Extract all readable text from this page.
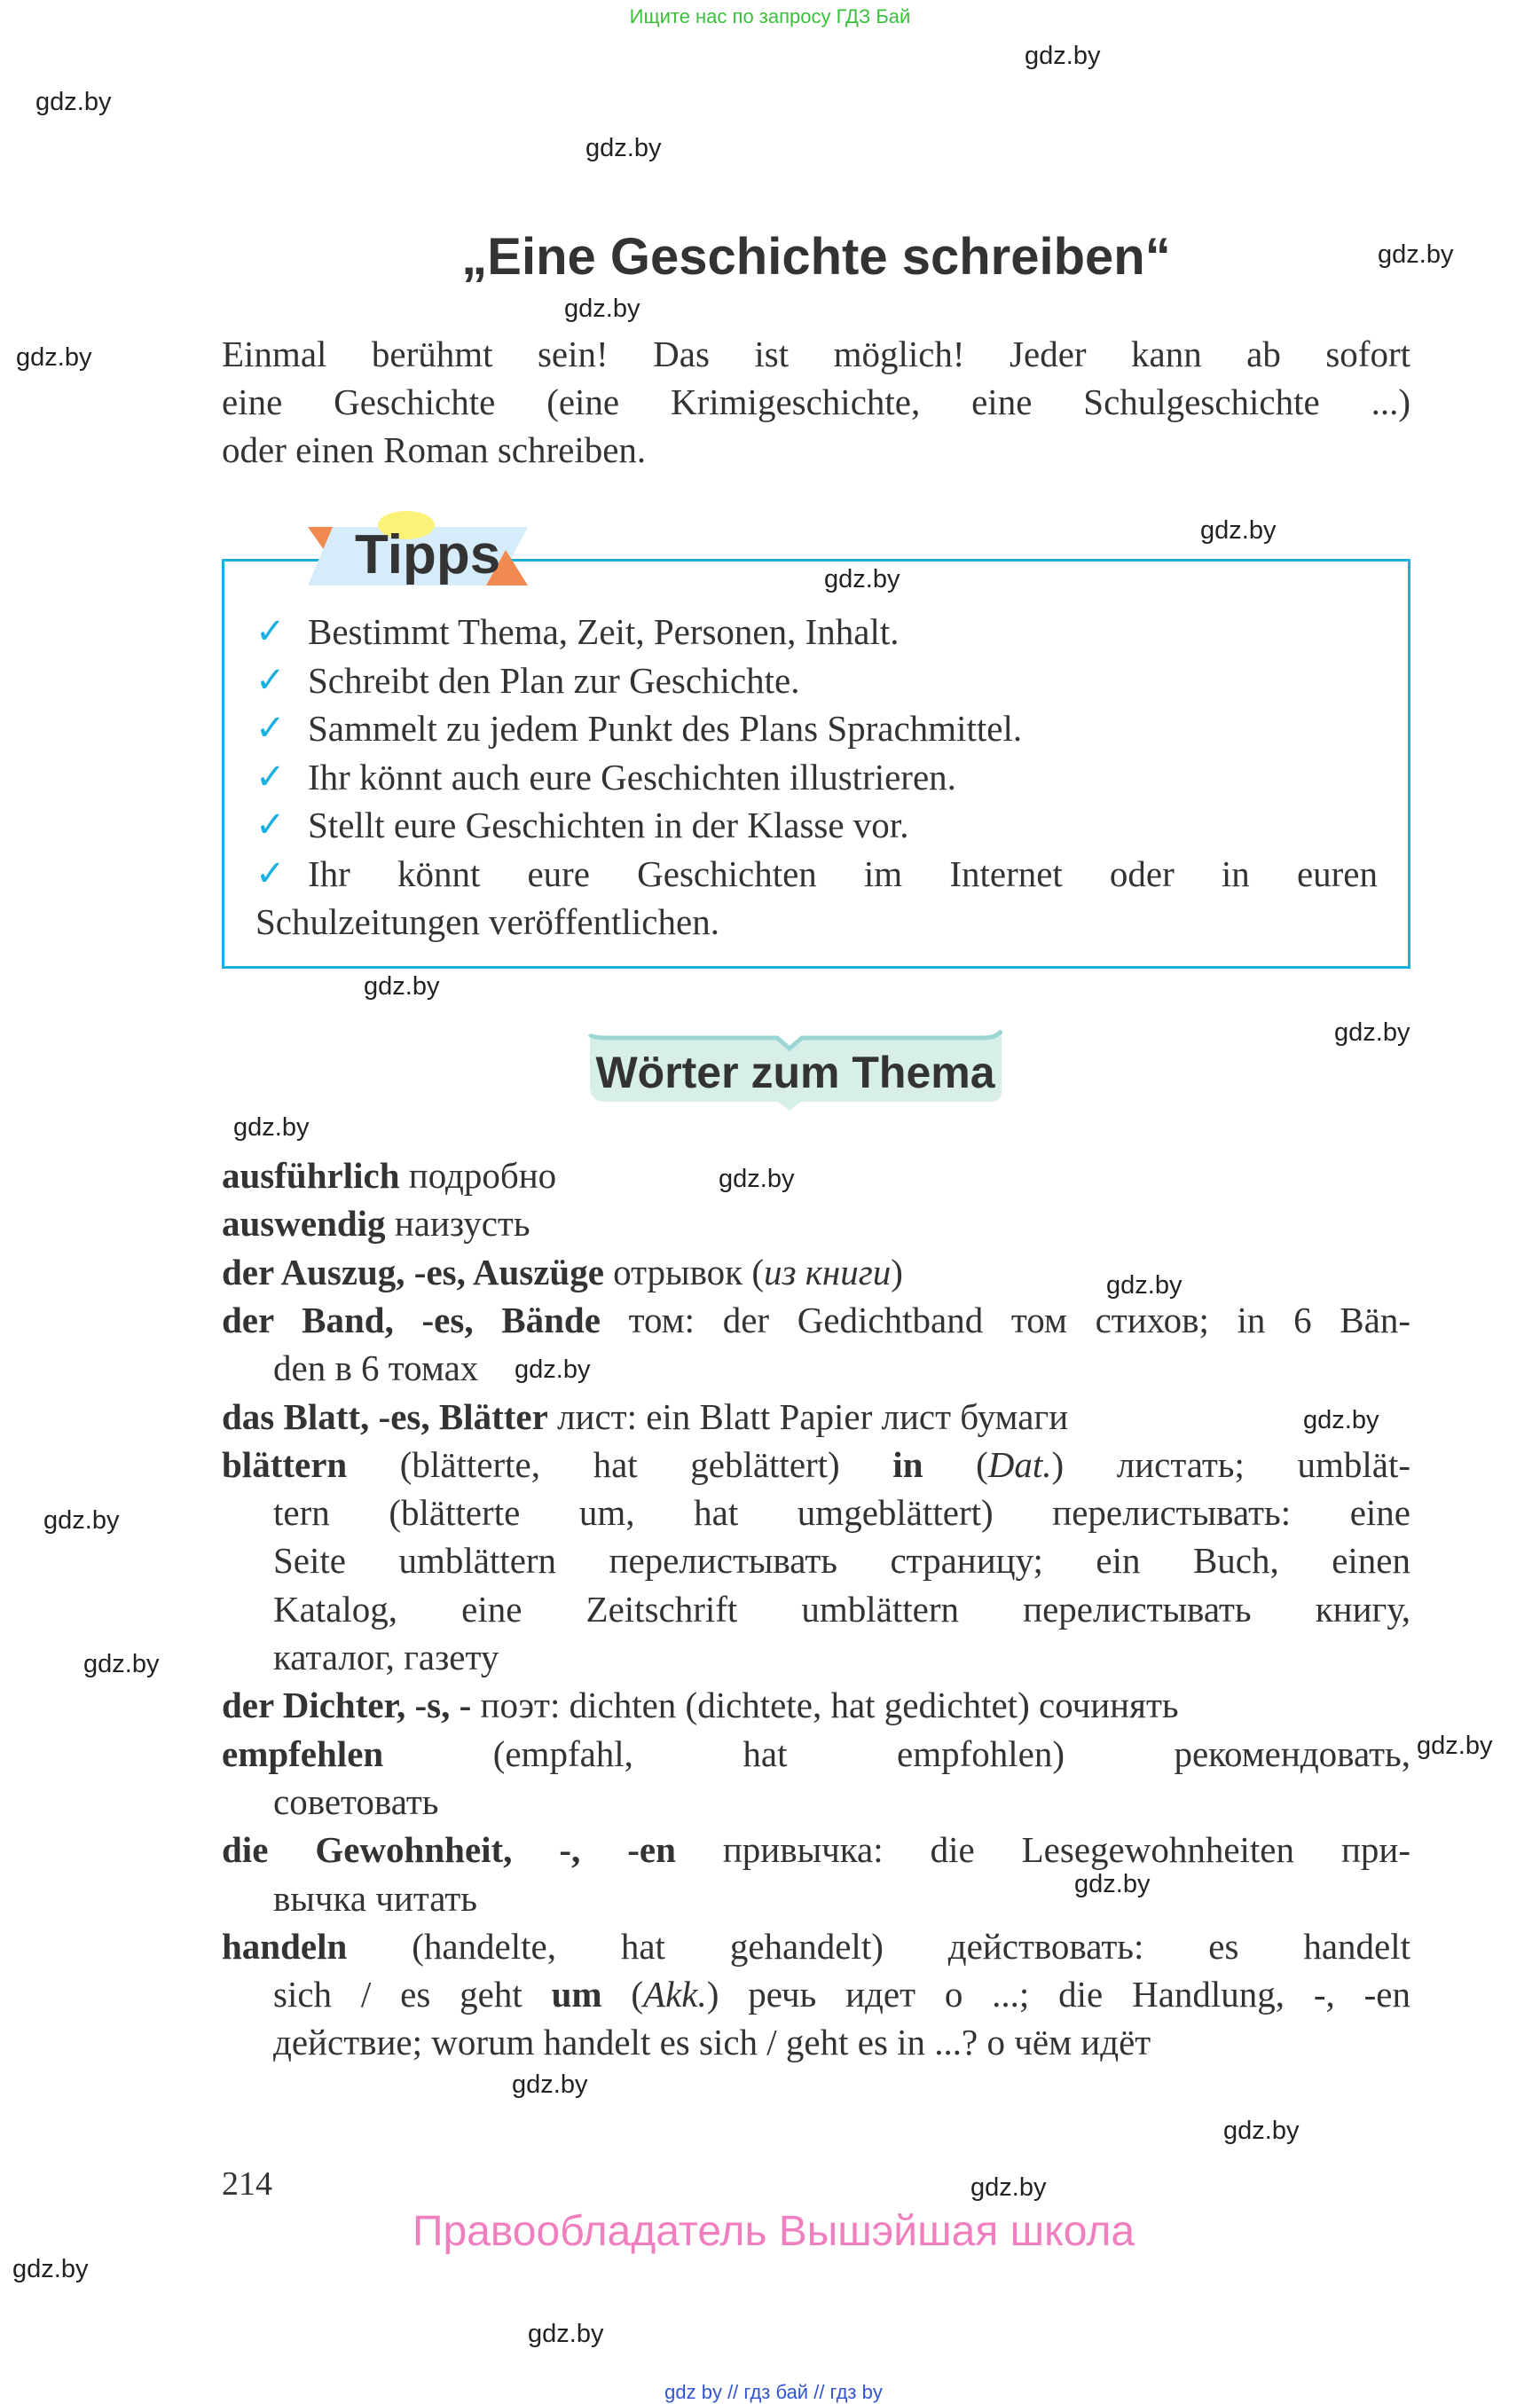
Ищите нас по запросу ГДЗ Бай
gdz.by
gdz.by
gdz.by
gdz.by
gdz.by
gdz.by
gdz.by
gdz.by
gdz.by
gdz.by
gdz.by
gdz.by
gdz.by
gdz.by
gdz.by
gdz.by
gdz.by
gdz.by
gdz.by
gdz.by
gdz.by
gdz.by
gdz.by
gdz.by
„Eine Geschichte schreiben“
Einmal berühmt sein! Das ist möglich! Jeder kann ab sofort
eine Geschichte (eine Krimigeschichte, eine Schulgeschichte ...)
oder einen Roman schreiben.
Tipps
✓ Bestimmt Thema, Zeit, Personen, Inhalt.
✓ Schreibt den Plan zur Geschichte.
✓ Sammelt zu jedem Punkt des Plans Sprachmittel.
✓ Ihr könnt auch eure Geschichten illustrieren.
✓ Stellt eure Geschichten in der Klasse vor.
✓ Ihr könnt eure Geschichten im Internet oder in euren
Schulzeitungen veröffentlichen.
Wörter zum Thema
ausführlich подробно
auswendig наизусть
der Auszug, -es, Auszüge отрывок (из книги)
der Band, -es, Bände том: der Gedichtband том стихов; in 6 Bän-
den в 6 томах
das Blatt, -es, Blätter лист: ein Blatt Papier лист бумаги
blättern (blätterte, hat geblättert) in (Dat.) листать; umblät-
tern (blätterte um, hat umgeblättert) перелистывать: eine
Seite umblättern перелистывать страницу; ein Buch, einen
Katalog, eine Zeitschrift umblättern перелистывать книгу,
каталог, газету
der Dichter, -s, - поэт: dichten (dichtete, hat gedichtet) сочинять
empfehlen (empfahl, hat empfohlen) рекомендовать,
советовать
die Gewohnheit, -, -en привычка: die Lesegewohnheiten при-
вычка читать
handeln (handelte, hat gehandelt) действовать: es handelt
sich / es geht um (Akk.) речь идет о ...; die Handlung, -, -en
действие; worum handelt es sich / geht es in ...? о чём идёт
214
Правообладатель Вышэйшая школа
gdz by // гдз бай // гдз by
